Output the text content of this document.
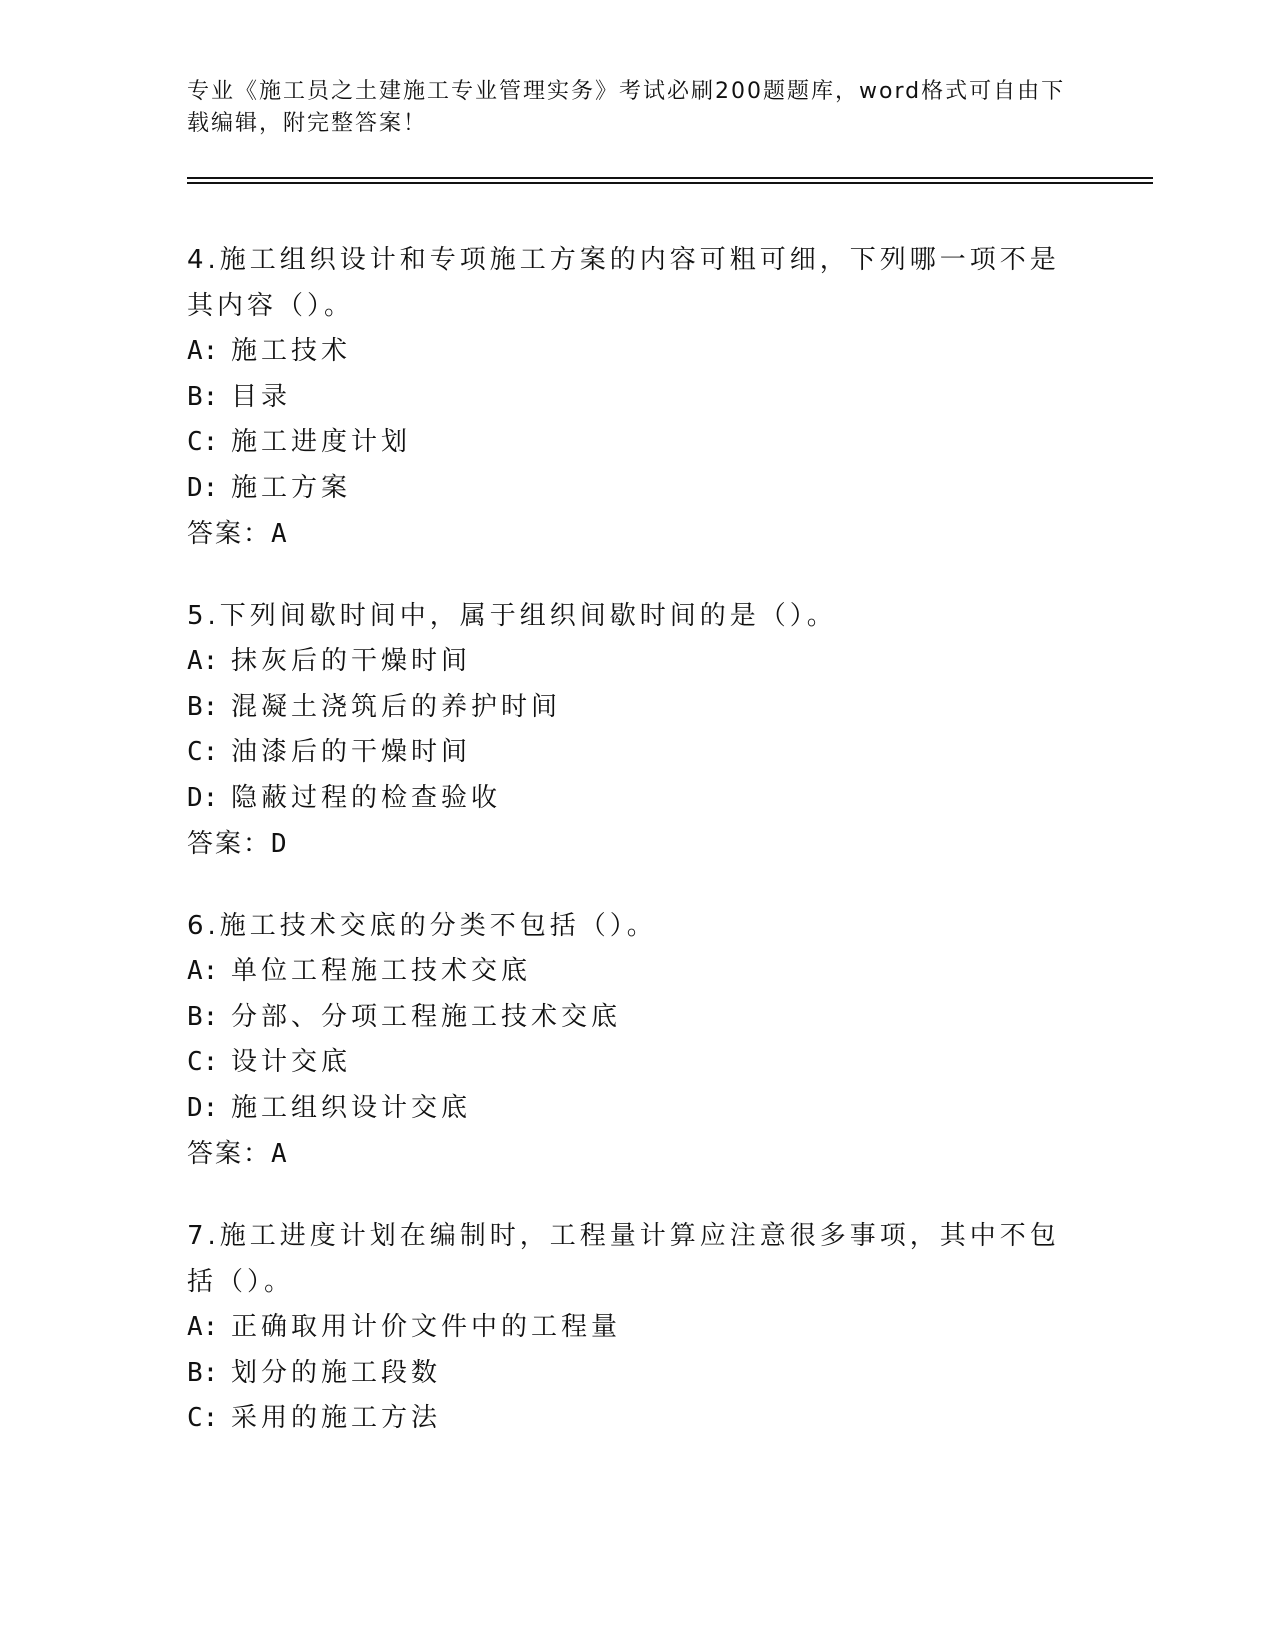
专业《施工员之土建施工专业管理实务》考试必刷200题题库，word格式可自由下载编辑，附完整答案！

4.施工组织设计和专项施工方案的内容可粗可细，下列哪一项不是其内容（）。

A: 施工技术
B: 目录
C: 施工进度计划
D: 施工方案
答案：A

5.下列间歇时间中，属于组织间歇时间的是（）。

A: 抹灰后的干燥时间
B: 混凝土浇筑后的养护时间
C: 油漆后的干燥时间
D: 隐蔽过程的检查验收
答案：D

6.施工技术交底的分类不包括（）。

A: 单位工程施工技术交底
B: 分部、分项工程施工技术交底
C: 设计交底
D: 施工组织设计交底
答案：A

7.施工进度计划在编制时，工程量计算应注意很多事项，其中不包括（）。

A: 正确取用计价文件中的工程量
B: 划分的施工段数
C: 采用的施工方法
